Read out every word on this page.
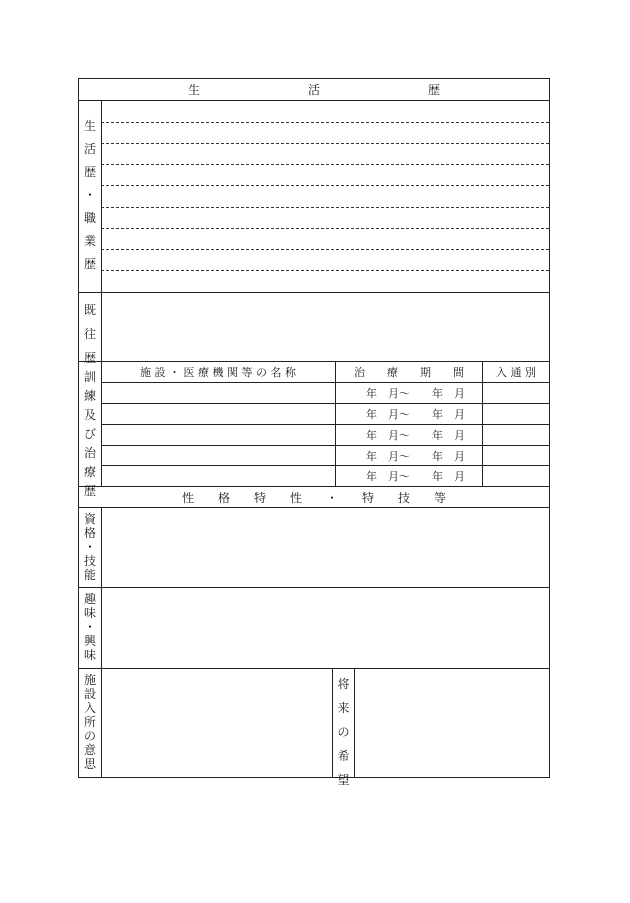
生　　　　　　　　　活　　　　　　　　　歴
生
活
歴
・
職
業
歴
既
往
歴
訓
練
及
び
治
療
歴
施 設 ・ 医 療 機 関 等 の 名 称	治　　療　　期　　間	入 通 別
年　月～　　年　月
年　月～　　年　月
年　月～　　年　月
年　月～　　年　月
年　月～　　年　月
性　　格　　特　　性　　・　　特　　技　　等
資
格
・
技
能
趣
味
・
興
味
施
設
入
所
の
意
思
将
来
の
希
望
